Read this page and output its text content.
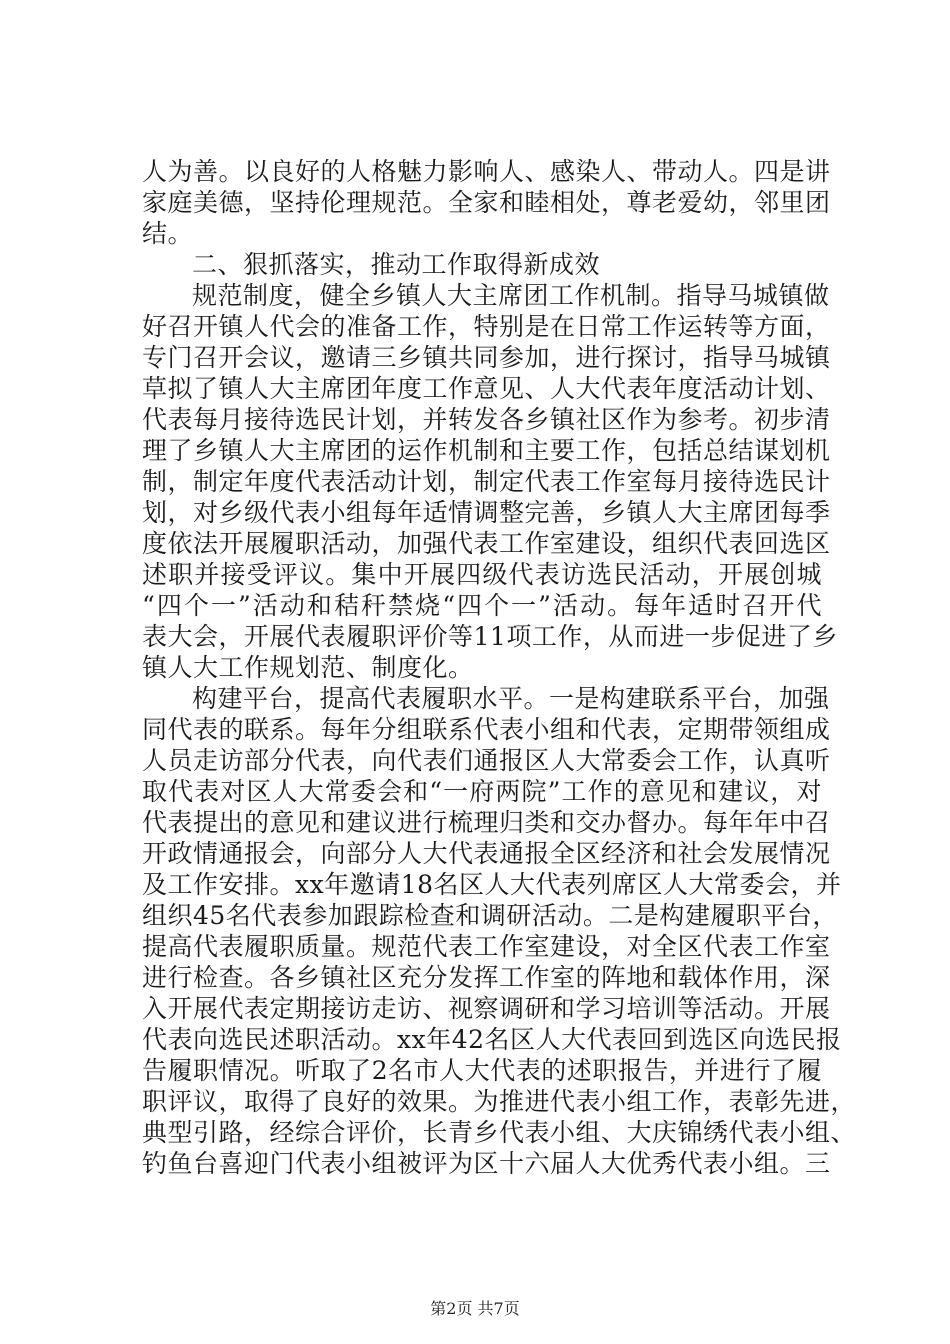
人为善。以良好的人格魅力影响人、感染人、带动人。四是讲
家庭美德，坚持伦理规范。全家和睦相处，尊老爱幼，邻里团
结。
二、狠抓落实，推动工作取得新成效
规范制度，健全乡镇人大主席团工作机制。指导马城镇做
好召开镇人代会的准备工作，特别是在日常工作运转等方面，
专门召开会议，邀请三乡镇共同参加，进行探讨，指导马城镇
草拟了镇人大主席团年度工作意见、人大代表年度活动计划、
代表每月接待选民计划，并转发各乡镇社区作为参考。初步清
理了乡镇人大主席团的运作机制和主要工作，包括总结谋划机
制，制定年度代表活动计划，制定代表工作室每月接待选民计
划，对乡级代表小组每年适情调整完善，乡镇人大主席团每季
度依法开展履职活动，加强代表工作室建设，组织代表回选区
述职并接受评议。集中开展四级代表访选民活动，开展创城
“四个一”活动和秸秆禁烧“四个一”活动。每年适时召开代
表大会，开展代表履职评价等11项工作，从而进一步促进了乡
镇人大工作规划范、制度化。
构建平台，提高代表履职水平。一是构建联系平台，加强
同代表的联系。每年分组联系代表小组和代表，定期带领组成
人员走访部分代表，向代表们通报区人大常委会工作，认真听
取代表对区人大常委会和“一府两院”工作的意见和建议，对
代表提出的意见和建议进行梳理归类和交办督办。每年年中召
开政情通报会，向部分人大代表通报全区经济和社会发展情况
及工作安排。xx年邀请18名区人大代表列席区人大常委会，并
组织45名代表参加跟踪检查和调研活动。二是构建履职平台，
提高代表履职质量。规范代表工作室建设，对全区代表工作室
进行检查。各乡镇社区充分发挥工作室的阵地和载体作用，深
入开展代表定期接访走访、视察调研和学习培训等活动。开展
代表向选民述职活动。xx年42名区人大代表回到选区向选民报
告履职情况。听取了2名市人大代表的述职报告，并进行了履
职评议，取得了良好的效果。为推进代表小组工作，表彰先进，
典型引路，经综合评价，长青乡代表小组、大庆锦绣代表小组、
钓鱼台喜迎门代表小组被评为区十六届人大优秀代表小组。三
第2页 共7页
